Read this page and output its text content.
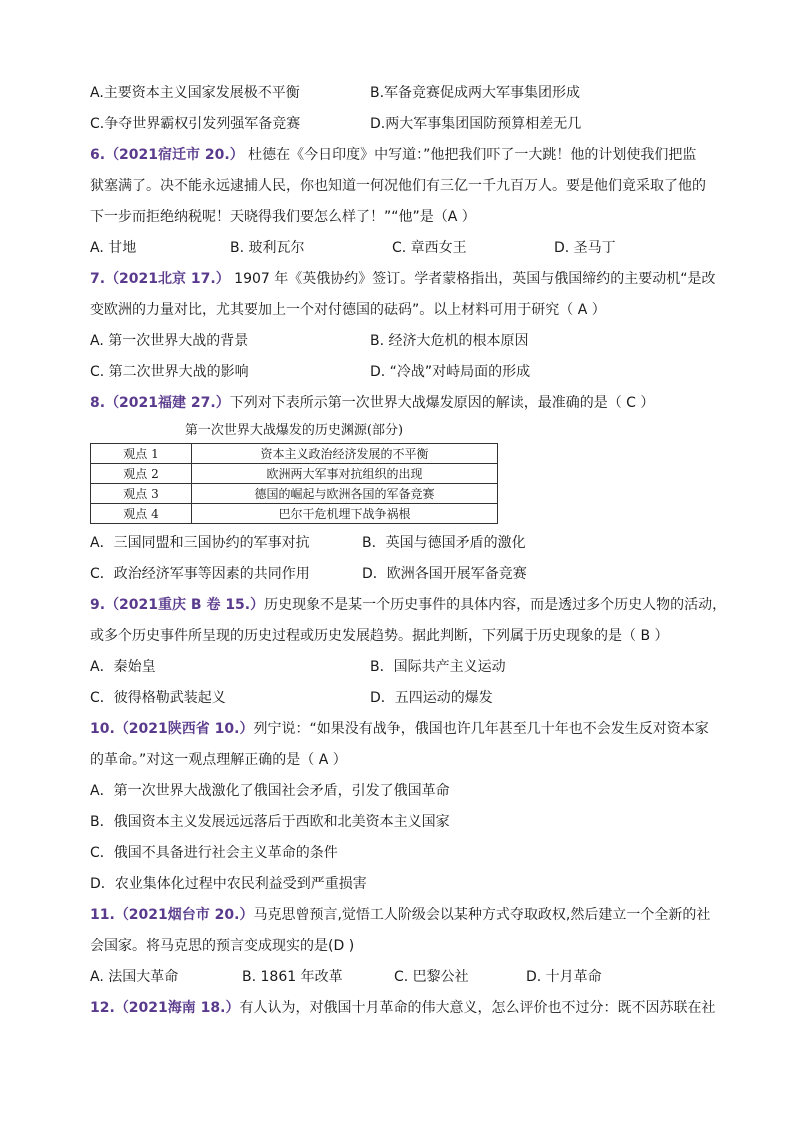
A.主要资本主义国家发展极不平衡	B.军备竞赛促成两大军事集团形成
C.争夺世界霸权引发列强军备竞赛	D.两大军事集团国防预算相差无几
6.（2021宿迁市 20.） 杜德在《今日印度》中写道：”他把我们吓了一大跳！他的计划使我们把监
狱塞满了。决不能永远逮捕人民，你也知道一何况他们有三亿一千九百万人。要是他们竟采取了他的
下一步而拒绝纳税呢！天晓得我们要怎么样了！”“他”是（A ）
A. 甘地	B. 玻利瓦尔	C. 章西女王	D. 圣马丁
7.（2021北京 17.） 1907 年《英俄协约》签订。学者蒙格指出，英国与俄国缔约的主要动机“是改
变欧洲的力量对比，尤其要加上一个对付德国的砝码”。以上材料可用于研究（ A ）
A. 第一次世界大战的背景	B. 经济大危机的根本原因
C. 第二次世界大战的影响	D. “冷战”对峙局面的形成
8.（2021福建 27.）下列对下表所示第一次世界大战爆发原因的解读，最准确的是（ C ）
第一次世界大战爆发的历史渊源(部分)
观点 1	资本主义政治经济发展的不平衡
观点 2	欧洲两大军事对抗组织的出现
观点 3	德国的崛起与欧洲各国的军备竞赛
观点 4	巴尔干危机埋下战争祸根
A．三国同盟和三国协约的军事对抗	B．英国与德国矛盾的激化
C．政治经济军事等因素的共同作用	D．欧洲各国开展军备竞赛
9.（2021重庆 B 卷 15.）历史现象不是某一个历史事件的具体内容，而是透过多个历史人物的活动，
或多个历史事件所呈现的历史过程或历史发展趋势。据此判断，下列属于历史现象的是（ B ）
A．秦始皇	B．国际共产主义运动
C．彼得格勒武装起义	D．五四运动的爆发
10.（2021陕西省 10.）列宁说：“如果没有战争，俄国也许几年甚至几十年也不会发生反对资本家
的革命。”对这一观点理解正确的是（ A ）
A．第一次世界大战激化了俄国社会矛盾，引发了俄国革命
B．俄国资本主义发展远远落后于西欧和北美资本主义国家
C．俄国不具备进行社会主义革命的条件
D．农业集体化过程中农民利益受到严重损害
11.（2021烟台市 20.）马克思曾预言,觉悟工人阶级会以某种方式夺取政权,然后建立一个全新的社
会国家。将马克思的预言变成现实的是(D )
A. 法国大革命	B. 1861 年改革	C. 巴黎公社	D. 十月革命
12.（2021海南 18.）有人认为，对俄国十月革命的伟大意义，怎么评价也不过分：既不因苏联在社
